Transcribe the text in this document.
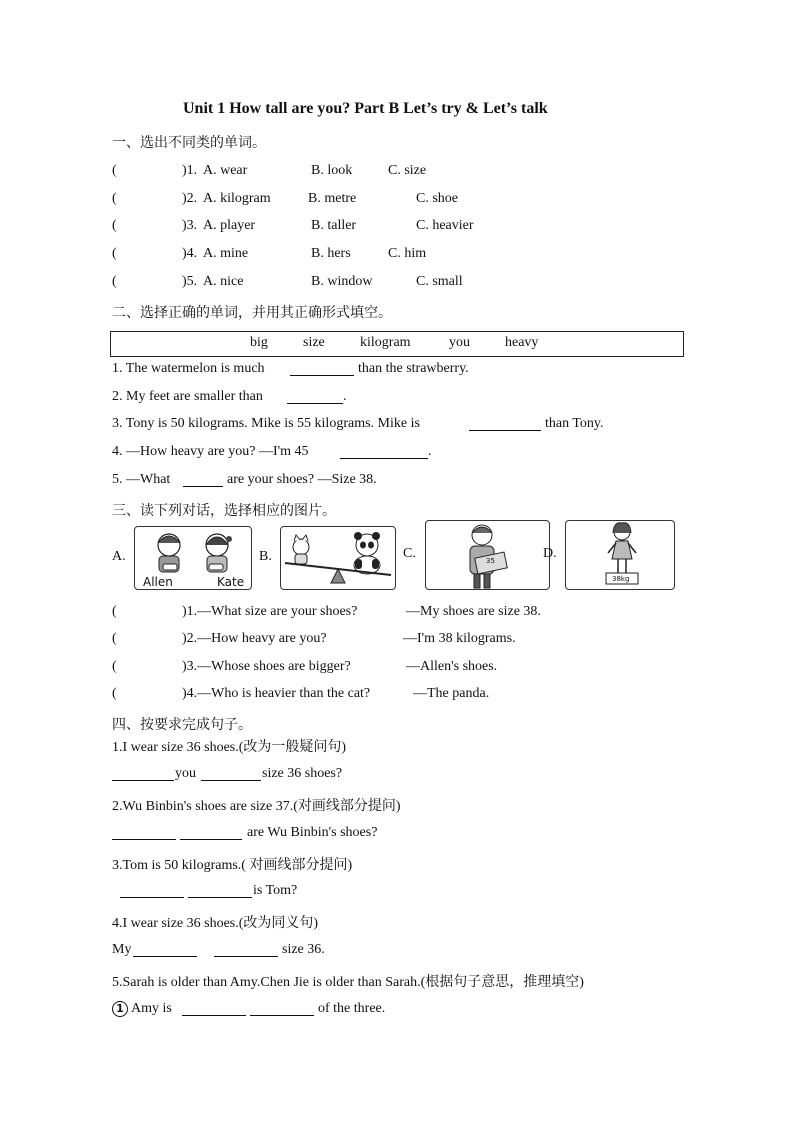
Unit 1 How tall are you? Part B Let’s try & Let’s talk
一、选出不同类的单词。
(	)1. A. wear	B. look	C. size
(	)2. A. kilogram	B. metre	C. shoe
(	)3. A. player	B. taller	C. heavier
(	)4. A. mine	B. hers	C. him
(	)5. A. nice	B. window	C. small
二、选择正确的单词，并用其正确形式填空。
big	size	kilogram	you	heavy
1. The watermelon is much	than the strawberry.
2. My feet are smaller than	.
3. Tony is 50 kilograms. Mike is 55 kilograms. Mike is	than Tony.
4. —How heavy are you? —I'm 45	.
5. —What	are your shoes? —Size 38.
三、读下列对话，选择相应的图片。
A.
Allen	Kate
B.	C.	35	D.
38kg
(	)1.—What size are your shoes?	—My shoes are size 38.
(	)2.—How heavy are you?	—I'm 38 kilograms.
(	)3.—Whose shoes are bigger?	—Allen's shoes.
(	)4.—Who is heavier than the cat?	—The panda.
四、按要求完成句子。
1.I wear size 36 shoes.(改为一般疑问句)
you	size 36 shoes?
2.Wu Binbin's shoes are size 37.(对画线部分提问)
are Wu Binbin's shoes?
3.Tom is 50 kilograms.( 对画线部分提问)
is Tom?
4.I wear size 36 shoes.(改为同义句)
My	size 36.
5.Sarah is older than Amy.Chen Jie is older than Sarah.(根据句子意思，推理填空)
1 Amy is	of the three.
